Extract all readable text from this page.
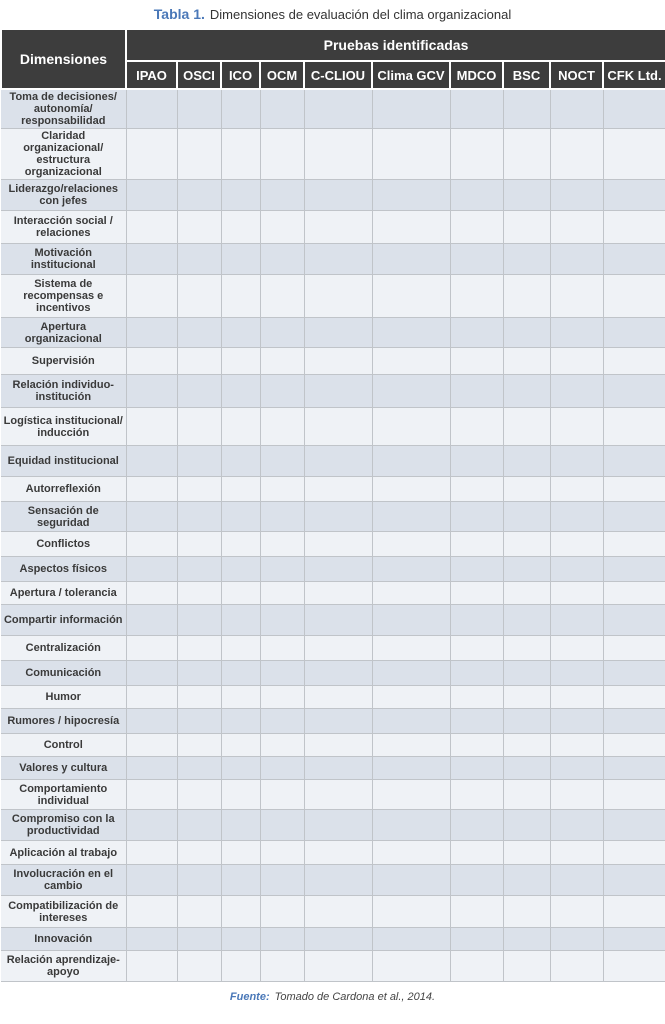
Tabla 1. Dimensiones de evaluación del clima organizacional
Dimensiones	Pruebas identificadas									
	IPAO	OSCI	ICO	OCM	C-CLIOU	Clima GCV	MDCO	BSC	NOCT	CFK Ltd.
Toma de decisiones/ autonomía/ responsabilidad										
Claridad organizacional/ estructura organizacional										
Liderazgo/relaciones con jefes										
Interacción social / relaciones										
Motivación institucional										
Sistema de recompensas e incentivos										
Apertura organizacional										
Supervisión										
Relación individuo-institución										
Logística institucional/ inducción										
Equidad institucional										
Autorreflexión										
Sensación de seguridad										
Conflictos										
Aspectos físicos										
Apertura / tolerancia										
Compartir información										
Centralización										
Comunicación										
Humor										
Rumores / hipocresía										
Control										
Valores y cultura										
Comportamiento individual										
Compromiso con la productividad										
Aplicación al trabajo										
Involucración en el cambio										
Compatibilización de intereses										
Innovación										
Relación aprendizaje-apoyo										
Fuente: Tomado de Cardona et al., 2014.
